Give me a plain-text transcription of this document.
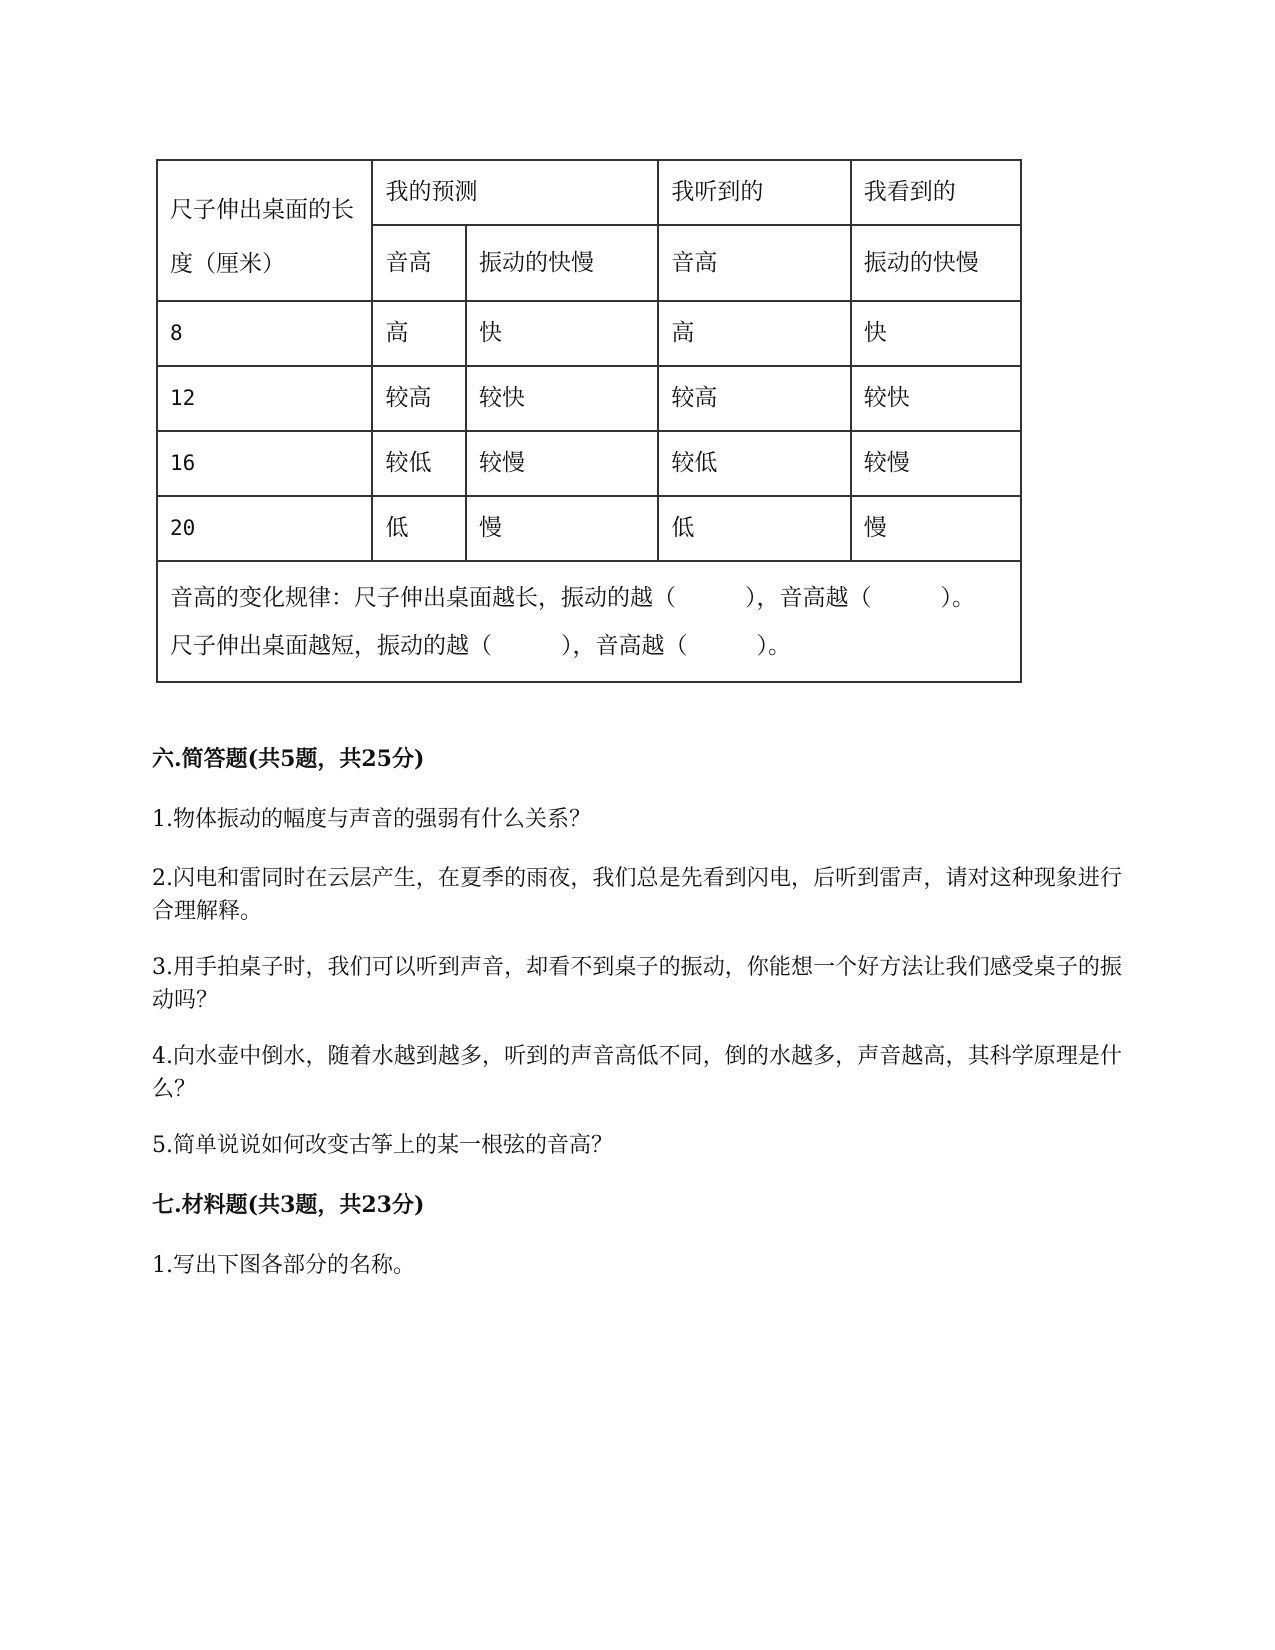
尺子伸出桌面的长度（厘米）	我的预测		我听到的	我看到的
	音高	振动的快慢	音高	振动的快慢
8	高	快	高	快
12	较高	较快	较高	较快
16	较低	较慢	较低	较慢
20	低	慢	低	慢

音高的变化规律：尺子伸出桌面越长，振动的越（　　　），音高越（　　　）。
尺子伸出桌面越短，振动的越（　　　），音高越（　　　）。				
六.简答题(共5题，共25分)

1.物体振动的幅度与声音的强弱有什么关系？

2.闪电和雷同时在云层产生，在夏季的雨夜，我们总是先看到闪电，后听到雷声，请对这种现象进行合理解释。

3.用手拍桌子时，我们可以听到声音，却看不到桌子的振动，你能想一个好方法让我们感受桌子的振动吗？

4.向水壶中倒水，随着水越到越多，听到的声音高低不同，倒的水越多，声音越高，其科学原理是什么？

5.简单说说如何改变古筝上的某一根弦的音高？

七.材料题(共3题，共23分)

1.写出下图各部分的名称。
